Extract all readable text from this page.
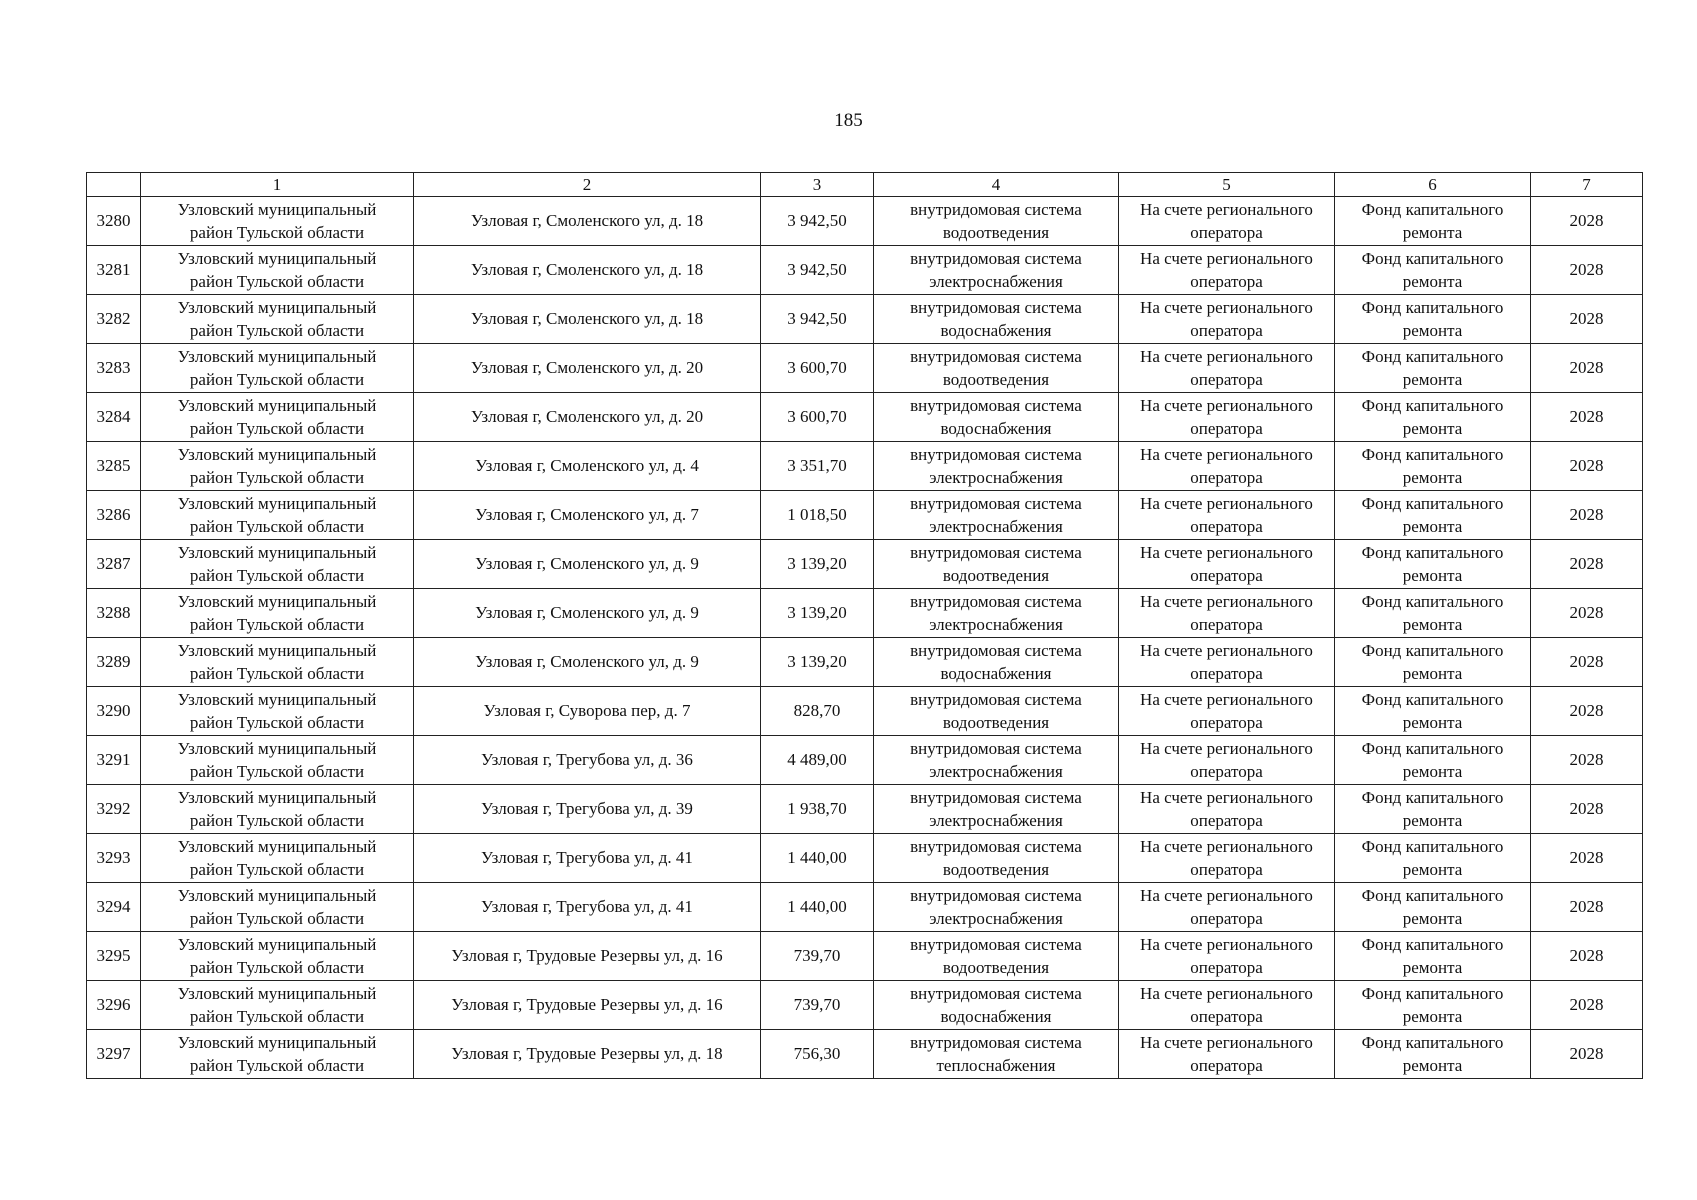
185
	1	2	3	4	5	6	7
3280	Узловский муниципальный
район Тульской области	Узловая г, Смоленского ул, д. 18	3 942,50	внутридомовая система
водоотведения	На счете регионального
оператора	Фонд капитального
ремонта	2028
3281	Узловский муниципальный
район Тульской области	Узловая г, Смоленского ул, д. 18	3 942,50	внутридомовая система
электроснабжения	На счете регионального
оператора	Фонд капитального
ремонта	2028
3282	Узловский муниципальный
район Тульской области	Узловая г, Смоленского ул, д. 18	3 942,50	внутридомовая система
водоснабжения	На счете регионального
оператора	Фонд капитального
ремонта	2028
3283	Узловский муниципальный
район Тульской области	Узловая г, Смоленского ул, д. 20	3 600,70	внутридомовая система
водоотведения	На счете регионального
оператора	Фонд капитального
ремонта	2028
3284	Узловский муниципальный
район Тульской области	Узловая г, Смоленского ул, д. 20	3 600,70	внутридомовая система
водоснабжения	На счете регионального
оператора	Фонд капитального
ремонта	2028
3285	Узловский муниципальный
район Тульской области	Узловая г, Смоленского ул, д. 4	3 351,70	внутридомовая система
электроснабжения	На счете регионального
оператора	Фонд капитального
ремонта	2028
3286	Узловский муниципальный
район Тульской области	Узловая г, Смоленского ул, д. 7	1 018,50	внутридомовая система
электроснабжения	На счете регионального
оператора	Фонд капитального
ремонта	2028
3287	Узловский муниципальный
район Тульской области	Узловая г, Смоленского ул, д. 9	3 139,20	внутридомовая система
водоотведения	На счете регионального
оператора	Фонд капитального
ремонта	2028
3288	Узловский муниципальный
район Тульской области	Узловая г, Смоленского ул, д. 9	3 139,20	внутридомовая система
электроснабжения	На счете регионального
оператора	Фонд капитального
ремонта	2028
3289	Узловский муниципальный
район Тульской области	Узловая г, Смоленского ул, д. 9	3 139,20	внутридомовая система
водоснабжения	На счете регионального
оператора	Фонд капитального
ремонта	2028
3290	Узловский муниципальный
район Тульской области	Узловая г, Суворова пер, д. 7	828,70	внутридомовая система
водоотведения	На счете регионального
оператора	Фонд капитального
ремонта	2028
3291	Узловский муниципальный
район Тульской области	Узловая г, Трегубова ул, д. 36	4 489,00	внутридомовая система
электроснабжения	На счете регионального
оператора	Фонд капитального
ремонта	2028
3292	Узловский муниципальный
район Тульской области	Узловая г, Трегубова ул, д. 39	1 938,70	внутридомовая система
электроснабжения	На счете регионального
оператора	Фонд капитального
ремонта	2028
3293	Узловский муниципальный
район Тульской области	Узловая г, Трегубова ул, д. 41	1 440,00	внутридомовая система
водоотведения	На счете регионального
оператора	Фонд капитального
ремонта	2028
3294	Узловский муниципальный
район Тульской области	Узловая г, Трегубова ул, д. 41	1 440,00	внутридомовая система
электроснабжения	На счете регионального
оператора	Фонд капитального
ремонта	2028
3295	Узловский муниципальный
район Тульской области	Узловая г, Трудовые Резервы ул, д. 16	739,70	внутридомовая система
водоотведения	На счете регионального
оператора	Фонд капитального
ремонта	2028
3296	Узловский муниципальный
район Тульской области	Узловая г, Трудовые Резервы ул, д. 16	739,70	внутридомовая система
водоснабжения	На счете регионального
оператора	Фонд капитального
ремонта	2028
3297	Узловский муниципальный
район Тульской области	Узловая г, Трудовые Резервы ул, д. 18	756,30	внутридомовая система
теплоснабжения	На счете регионального
оператора	Фонд капитального
ремонта	2028
